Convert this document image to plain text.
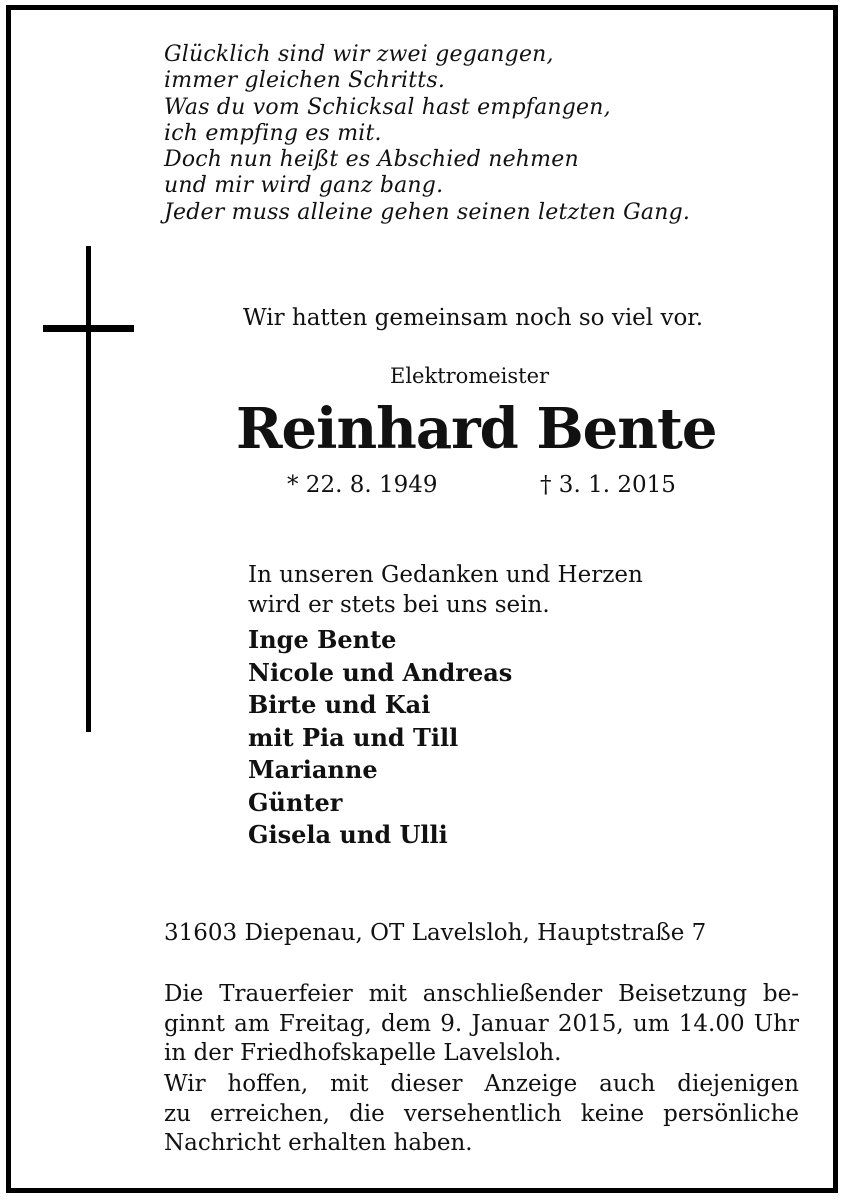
Glücklich sind wir zwei gegangen,
immer gleichen Schritts.
Was du vom Schicksal hast empfangen,
ich empfing es mit.
Doch nun heißt es Abschied nehmen
und mir wird ganz bang.
Jeder muss alleine gehen seinen letzten Gang.
Wir hatten gemeinsam noch so viel vor.
Elektromeister
Reinhard Bente
* 22. 8. 1949	† 3. 1. 2015
In unseren Gedanken und Herzen
wird er stets bei uns sein.
Inge Bente
Nicole und Andreas
Birte und Kai
mit Pia und Till
Marianne
Günter
Gisela und Ulli
31603 Diepenau, OT Lavelsloh, Hauptstraße 7
Die Trauerfeier mit anschließender Beisetzung be-
ginnt am Freitag, dem 9. Januar 2015, um 14.00 Uhr
in der Friedhofskapelle Lavelsloh.
Wir hoffen, mit dieser Anzeige auch diejenigen
zu erreichen, die versehentlich keine persönliche
Nachricht erhalten haben.
